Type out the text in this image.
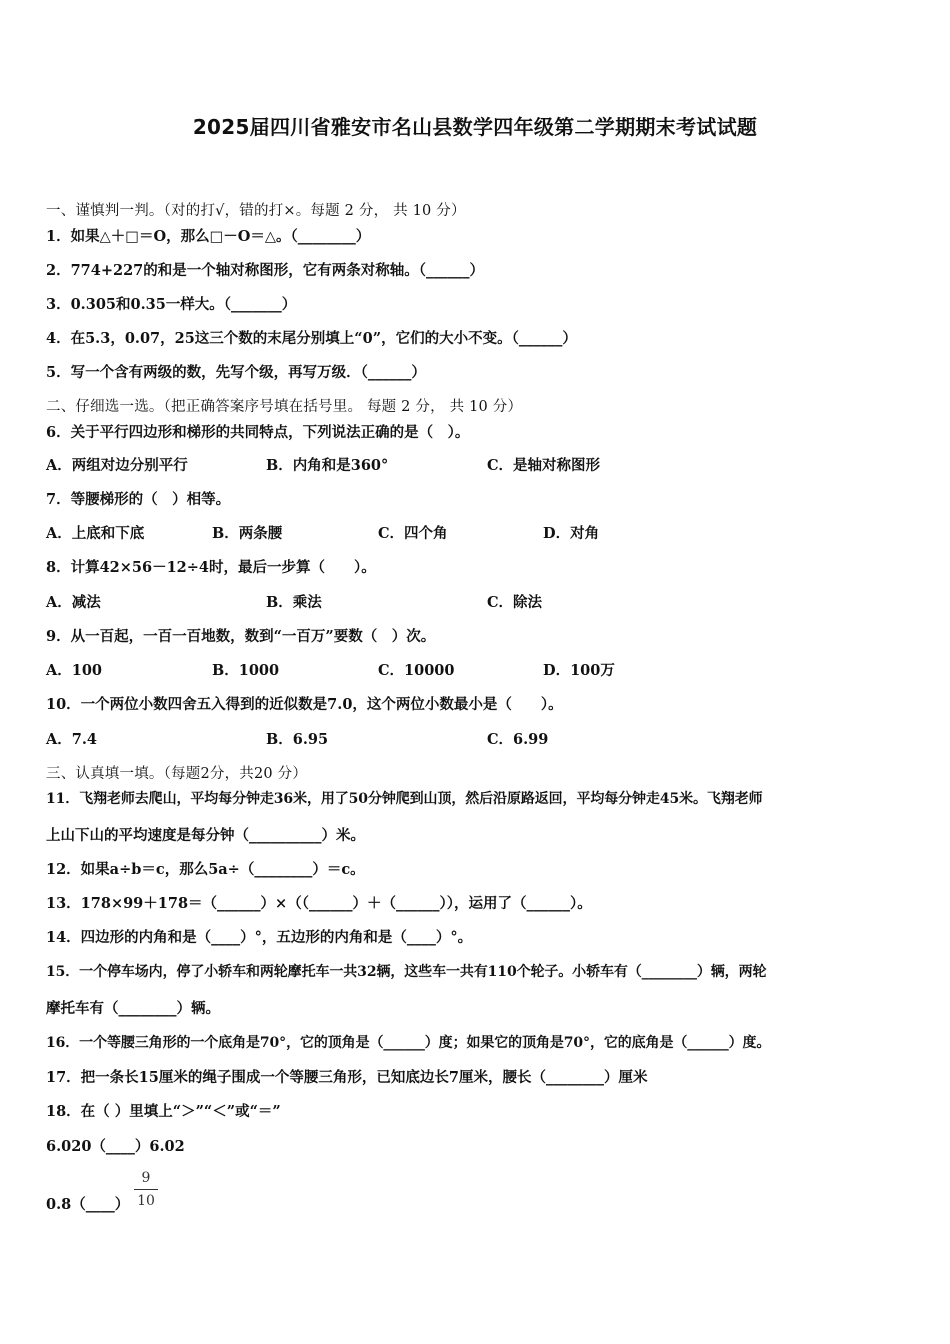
2025届四川省雅安市名山县数学四年级第二学期期末考试试题
一、谨慎判一判。（对的打√，错的打×。每题 2 分， 共 10 分）
1．如果△＋□＝O，那么□－O＝△。（________）
2．774+227的和是一个轴对称图形，它有两条对称轴。（______）
3．0.305和0.35一样大。（_______）
4．在5.3，0.07，25这三个数的末尾分别填上“0”，它们的大小不变。（______）
5．写一个含有两级的数，先写个级，再写万级．（______）
二、仔细选一选。（把正确答案序号填在括号里。 每题 2 分， 共 10 分）
6．关于平行四边形和梯形的共同特点，下列说法正确的是（　）。
A．两组对边分别平行	B．内角和是360°	C．是轴对称图形
7．等腰梯形的（　）相等。
A．上底和下底	B．两条腰	C．四个角	D．对角
8．计算42×56－12÷4时，最后一步算（　　）。
A．减法	B．乘法	C．除法
9．从一百起，一百一百地数，数到“一百万”要数（　）次。
A．100	B．1000	C．10000	D．100万
10．一个两位小数四舍五入得到的近似数是7.0，这个两位小数最小是（　　）。
A．7.4	B．6.95	C．6.99
三、认真填一填。（每题2分，共20 分）
11．飞翔老师去爬山，平均每分钟走36米，用了50分钟爬到山顶，然后沿原路返回，平均每分钟走45米。飞翔老师
上山下山的平均速度是每分钟（__________）米。
12．如果a÷b＝c，那么5a÷（________）＝c。
13．178×99＋178＝（______）×（（______）＋（______）），运用了（______）。
14．四边形的内角和是（____）°，五边形的内角和是（____）°。
15．一个停车场内，停了小轿车和两轮摩托车一共32辆，这些车一共有110个轮子。小轿车有（________）辆，两轮
摩托车有（________）辆。
16．一个等腰三角形的一个底角是70°，它的顶角是（______）度；如果它的顶角是70°，它的底角是（______）度。
17．把一条长15厘米的绳子围成一个等腰三角形，已知底边长7厘米，腰长（________）厘米
18．在（ ）里填上“＞”“＜”或“＝”
6.020（____）6.02
0.8（____）
9
10
